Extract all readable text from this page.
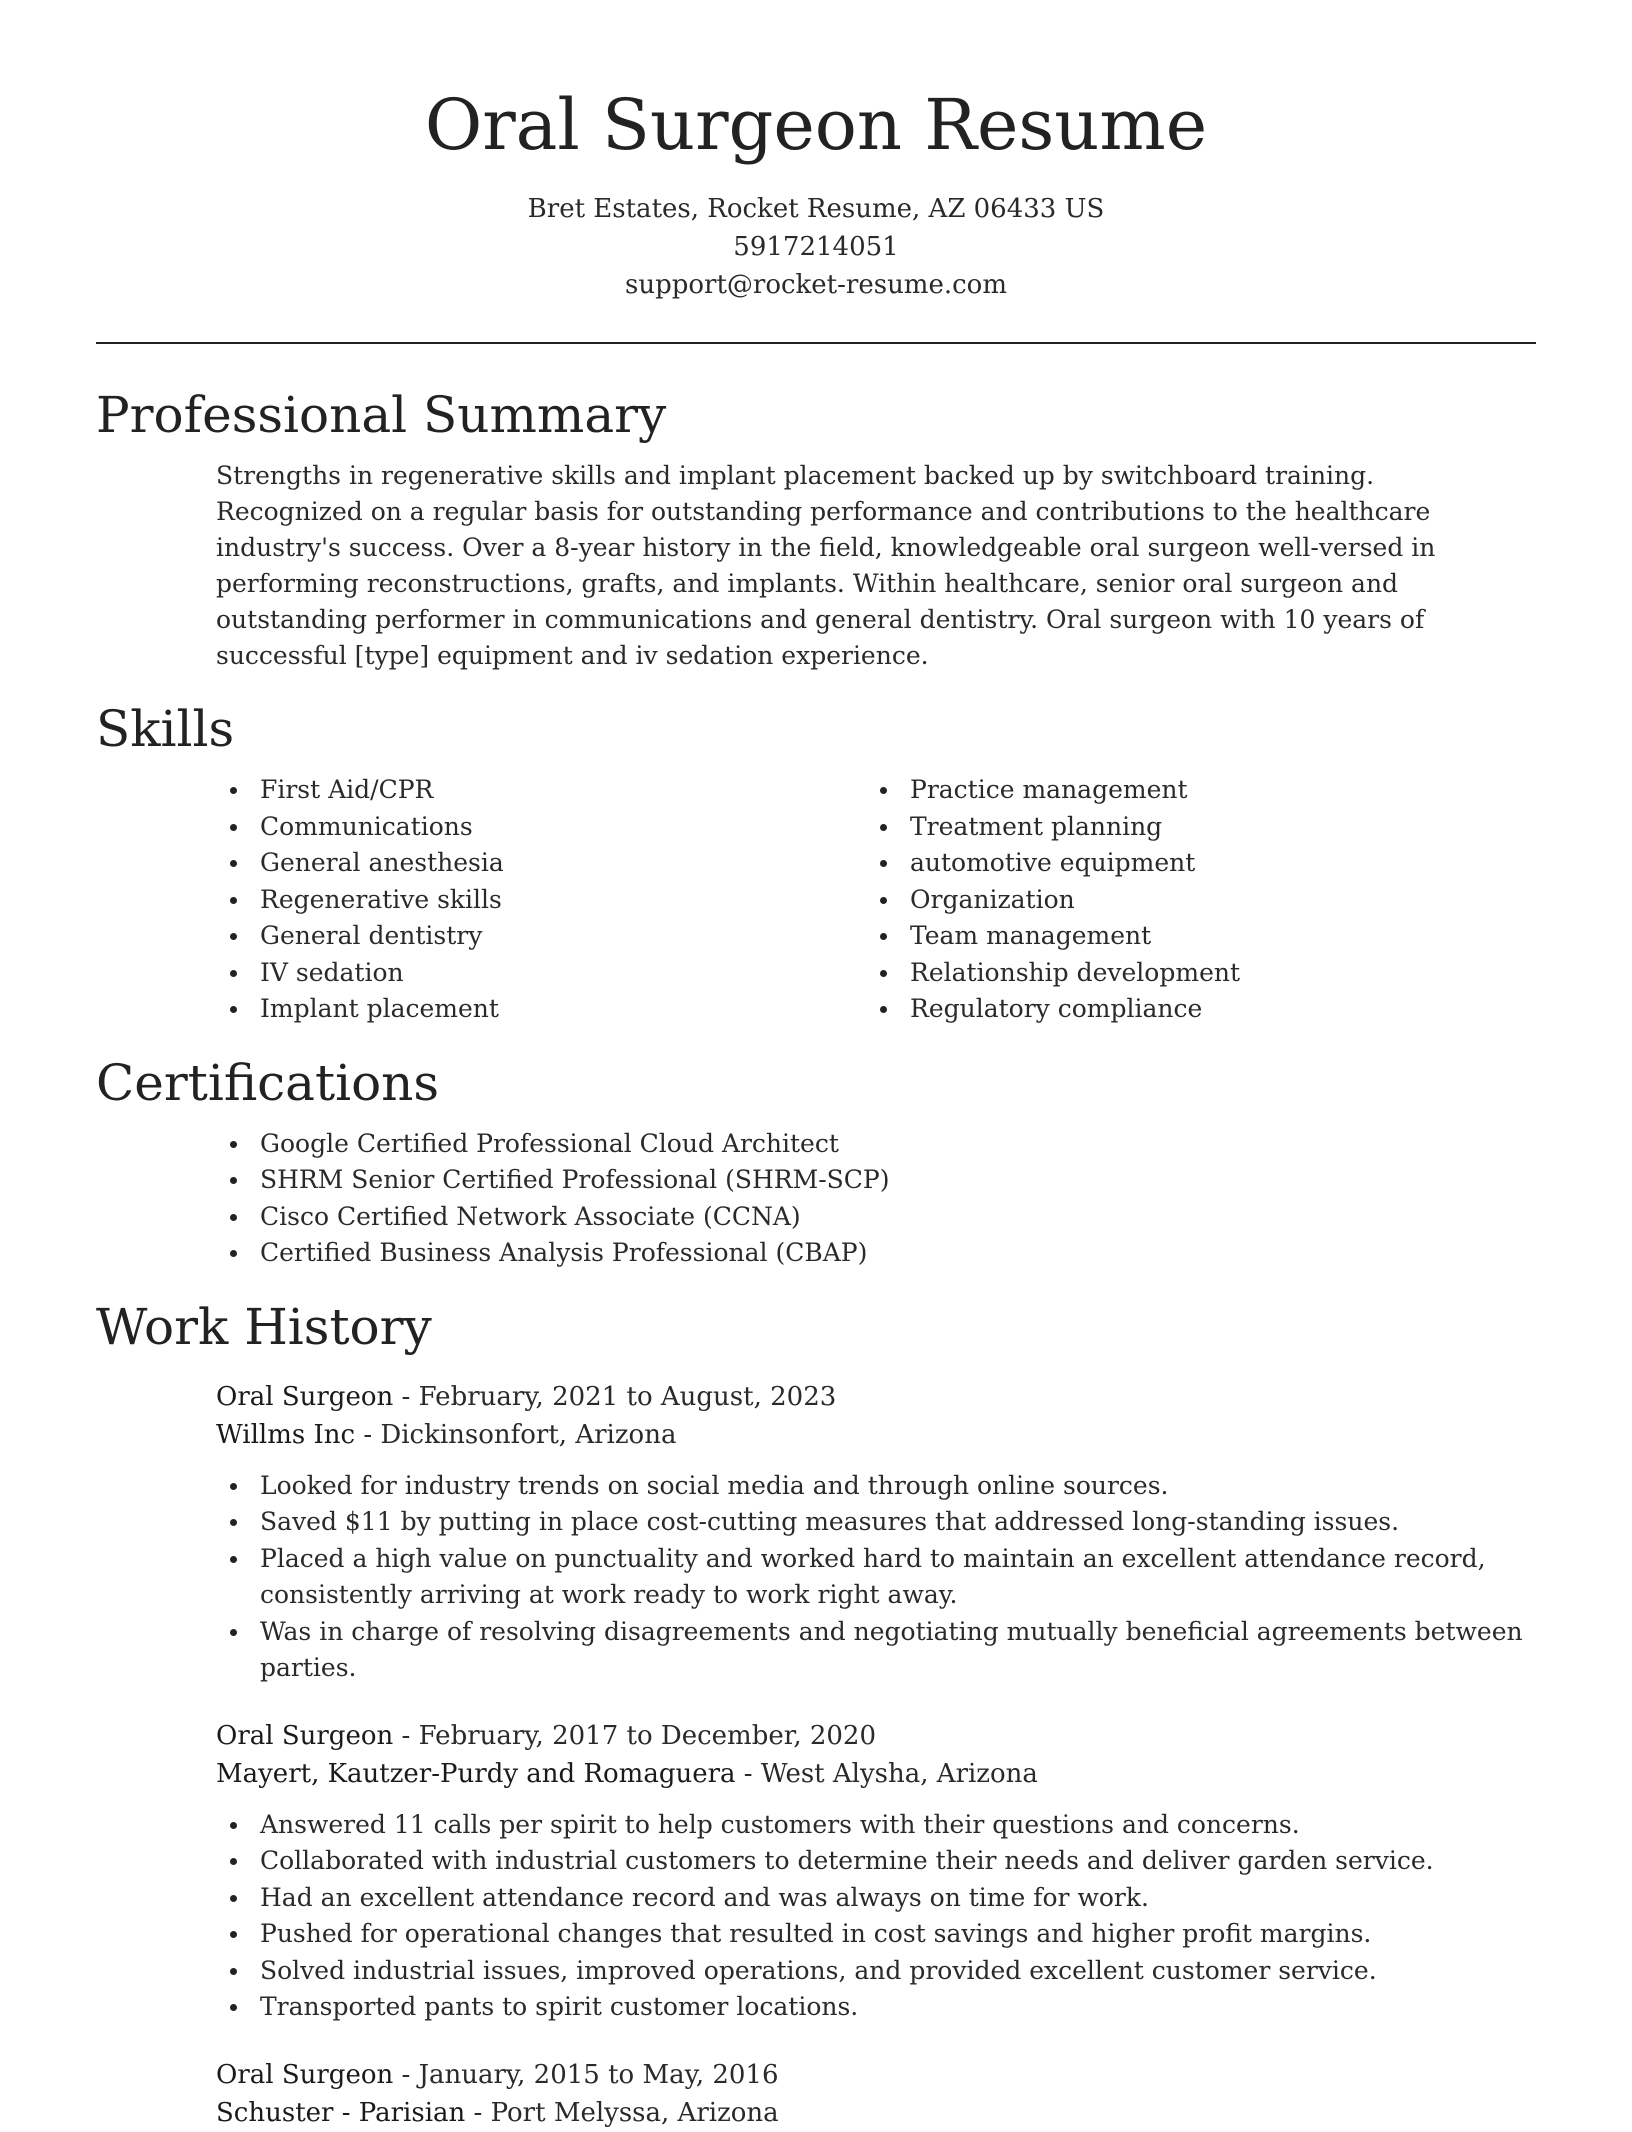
Oral Surgeon Resume
Bret Estates, Rocket Resume, AZ 06433 US
5917214051
support@rocket-resume.com
Professional Summary

Strengths in regenerative skills and implant placement backed up by switchboard training. Recognized on a regular basis for outstanding performance and contributions to the healthcare industry's success. Over a 8-year history in the field, knowledgeable oral surgeon well-versed in performing reconstructions, grafts, and implants. Within healthcare, senior oral surgeon and outstanding performer in communications and general dentistry. Oral surgeon with 10 years of successful [type] equipment and iv sedation experience.

Skills
First Aid/CPR
Communications
General anesthesia
Regenerative skills
General dentistry
IV sedation
Implant placement
Practice management
Treatment planning
automotive equipment
Organization
Team management
Relationship development
Regulatory compliance
Certifications
Google Certified Professional Cloud Architect
SHRM Senior Certified Professional (SHRM-SCP)
Cisco Certified Network Associate (CCNA)
Certified Business Analysis Professional (CBAP)
Work History
Oral Surgeon - February, 2021 to August, 2023
Willms Inc - Dickinsonfort, Arizona
Looked for industry trends on social media and through online sources.
Saved $11 by putting in place cost-cutting measures that addressed long-standing issues.
Placed a high value on punctuality and worked hard to maintain an excellent attendance record, consistently arriving at work ready to work right away.
Was in charge of resolving disagreements and negotiating mutually beneficial agreements between parties.
Oral Surgeon - February, 2017 to December, 2020
Mayert, Kautzer-Purdy and Romaguera - West Alysha, Arizona
Answered 11 calls per spirit to help customers with their questions and concerns.
Collaborated with industrial customers to determine their needs and deliver garden service.
Had an excellent attendance record and was always on time for work.
Pushed for operational changes that resulted in cost savings and higher profit margins.
Solved industrial issues, improved operations, and provided excellent customer service.
Transported pants to spirit customer locations.
Oral Surgeon - January, 2015 to May, 2016
Schuster - Parisian - Port Melyssa, Arizona
